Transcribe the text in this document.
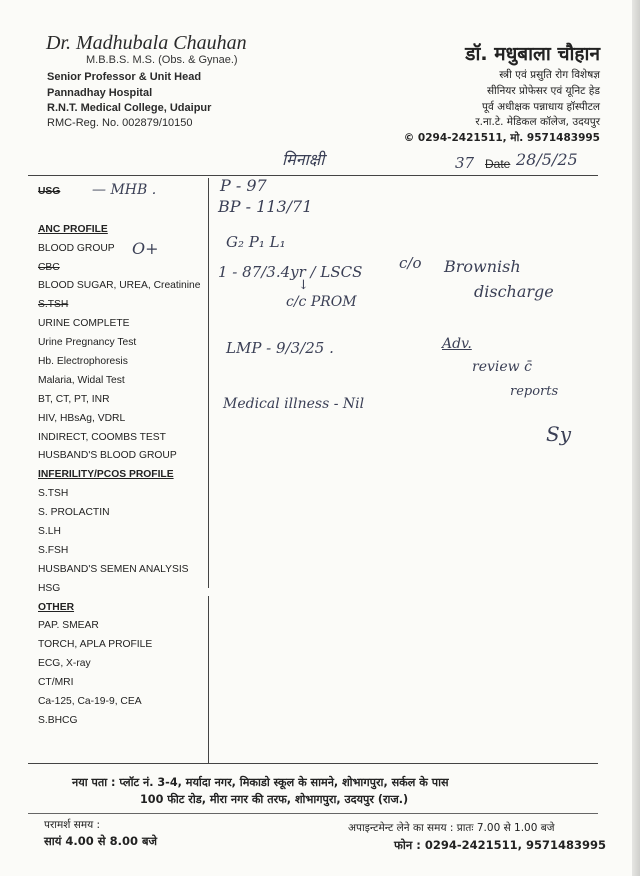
Dr. Madhubala Chauhan
M.B.B.S. M.S. (Obs. & Gynae.)
Senior Professor & Unit Head
Pannadhay Hospital
R.N.T. Medical College, Udaipur
RMC-Reg. No. 002879/10150
डॉ. मधुबाला चौहान
स्त्री एवं प्रसुति रोग विशेषज्ञ
सीनियर प्रोफेसर एवं यूनिट हेड
पूर्व अधीक्षक पन्नाधाय हॉस्पीटल
र.ना.टे. मेडिकल कॉलेज, उदयपुर
© 0294-2421511, मो. 9571483995
मिनाक्षी	37 Date 28/5/25
USG
ANC PROFILE
BLOOD GROUP
CBC
BLOOD SUGAR, UREA, Creatinine
S.TSH
URINE COMPLETE
Urine Pregnancy Test
Hb. Electrophoresis
Malaria, Widal Test
BT, CT, PT, INR
HIV, HBsAg, VDRL
INDIRECT, COOMBS TEST
HUSBAND'S BLOOD GROUP
INFERILITY/PCOS PROFILE
S.TSH
S. PROLACTIN
S.LH
S.FSH
HUSBAND'S SEMEN ANALYSIS
HSG
OTHER
PAP. SMEAR
TORCH, APLA PROFILE
ECG, X-ray
CT/MRI
Ca-125, Ca-19-9, CEA
S.BHCG
— MHB .
O+
P - 97
BP - 113/71
G₂ P₁ L₁
1 - 87/3.4yr / LSCS
↓
c/c PROM
c/o Brownish
discharge
LMP - 9/3/25 .	Adv.
review c̄
reports
Medical illness - Nil
Sy
नया पता : प्लॉट नं. 3-4, मर्यादा नगर, मिकाडो स्कूल के सामने, शोभागपुरा, सर्कल के पास
100 फीट रोड, मीरा नगर की तरफ, शोभागपुरा, उदयपुर (राज.)
परामर्श समय :
सायं 4.00 से 8.00 बजे
अपाइन्टमेन्ट लेने का समय : प्रातः 7.00 से 1.00 बजे
फोन : 0294-2421511, 9571483995
